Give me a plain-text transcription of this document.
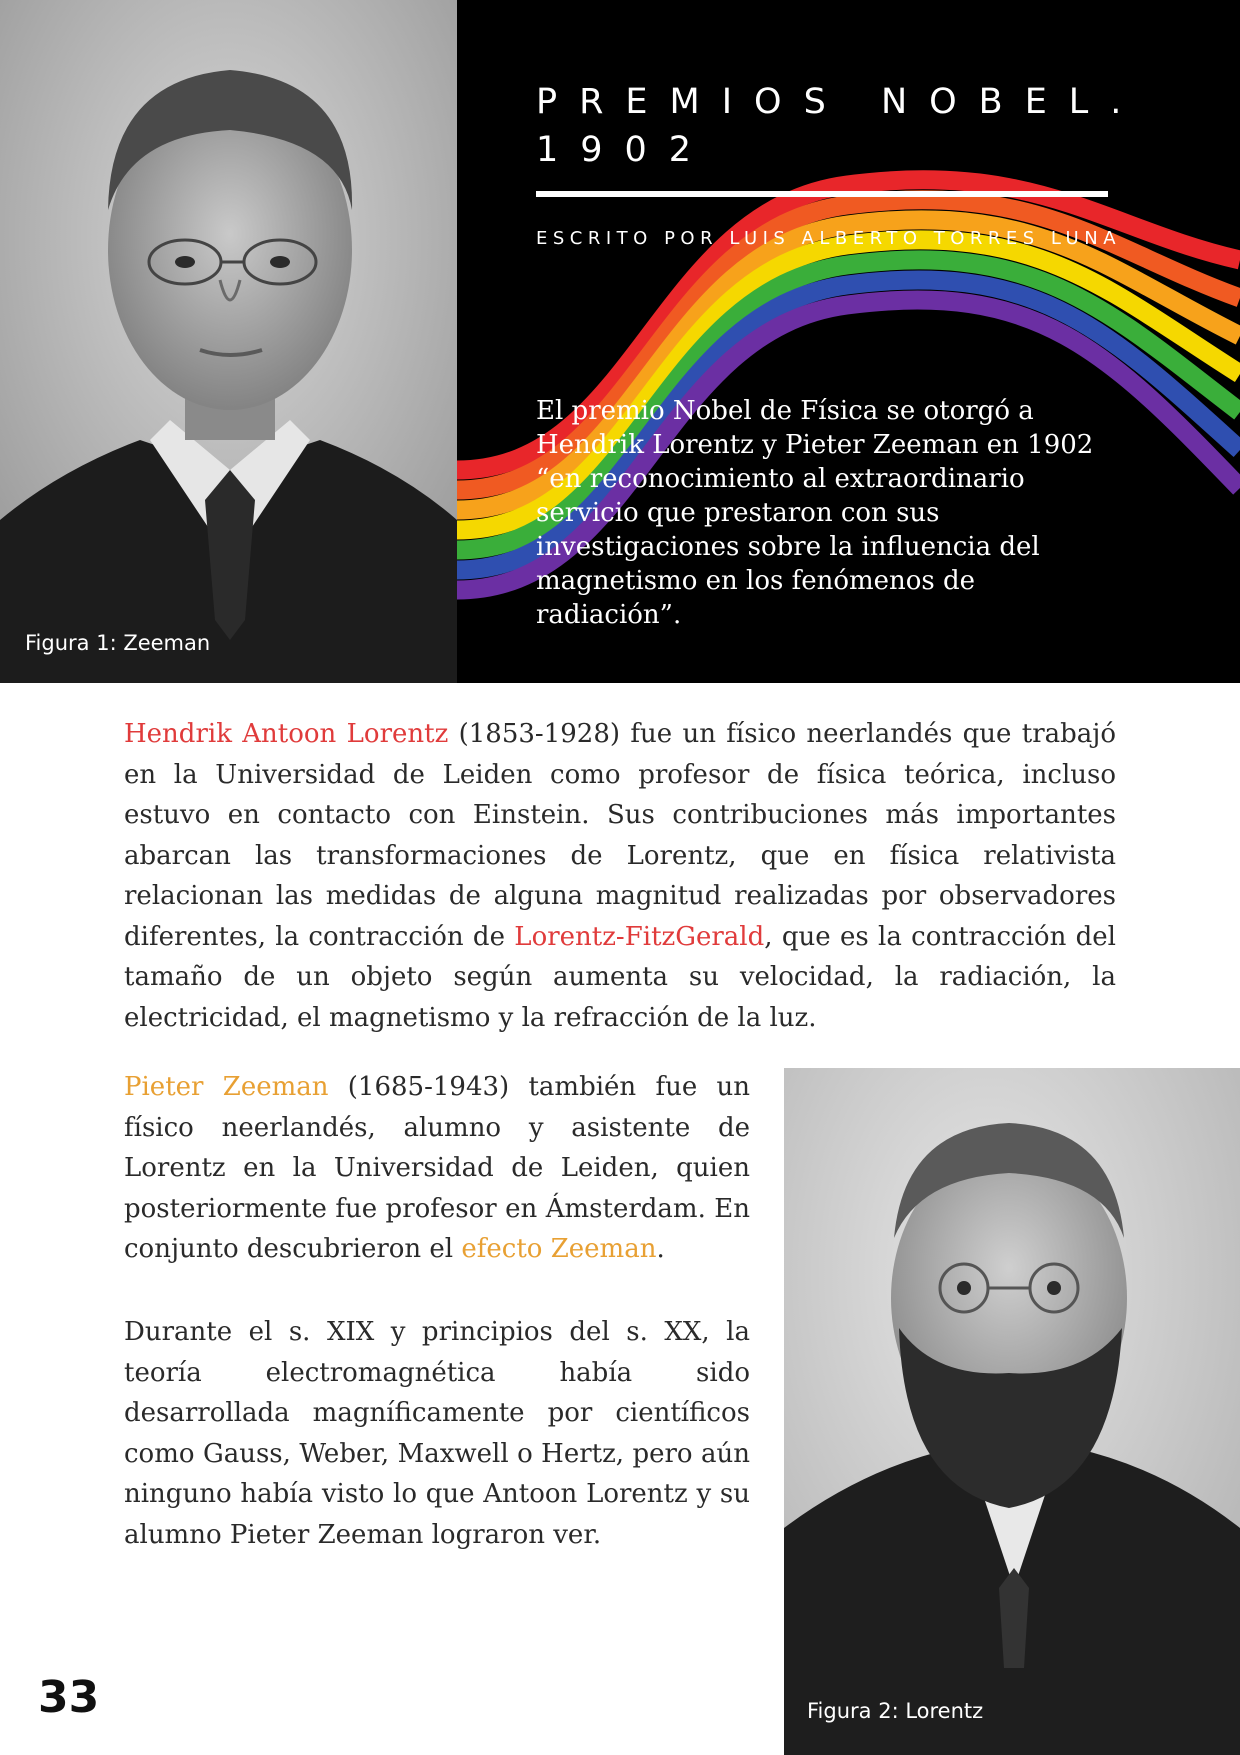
Figura 1: Zeeman
PREMIOS NOBEL.
1902
ESCRITO POR LUIS ALBERTO TORRES LUNA
El premio Nobel de Física se otorgó a Hendrik Lorentz y Pieter Zeeman en 1902 “en reconocimiento al extraordinario servicio que prestaron con sus investigaciones sobre la influencia del magnetismo en los fenómenos de radiación”.

Hendrik Antoon Lorentz (1853-1928) fue un físico neerlandés que trabajó en la Universidad de Leiden como profesor de física teórica, incluso estuvo en contacto con Einstein. Sus contribuciones más importantes abarcan las transformaciones de Lorentz, que en física relativista relacionan las medidas de alguna magnitud realizadas por observadores diferentes, la contracción de Lorentz-FitzGerald, que es la contracción del tamaño de un objeto según aumenta su velocidad, la radiación, la electricidad, el magnetismo y la refracción de la luz.

Pieter Zeeman (1685-1943) también fue un físico neerlandés, alumno y asistente de Lorentz en la Universidad de Leiden, quien posteriormente fue profesor en Ámsterdam. En conjunto descubrieron el efecto Zeeman.

Durante el s. XIX y principios del s. XX, la teoría electromagnética había sido desarrollada magníficamente por científicos como Gauss, Weber, Maxwell o Hertz, pero aún ninguno había visto lo que Antoon Lorentz y su alumno Pieter Zeeman lograron ver.

Figura 2: Lorentz
33
